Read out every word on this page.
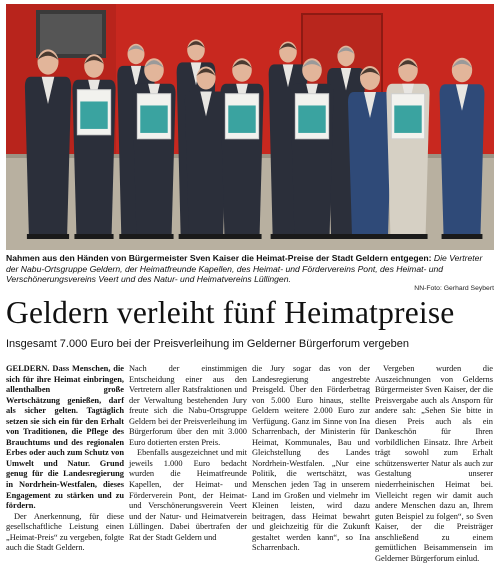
Nahmen aus den Händen von Bürgermeister Sven Kaiser die Heimat-Preise der Stadt Geldern entgegen: Die Vertreter der Nabu-Ortsgruppe Geldern, der Heimatfreunde Kapellen, des Heimat- und Fördervereins Pont, des Heimat- und Verschönerungsvereins Veert und des Natur- und Heimatvereins Lüllingen.
NN-Foto: Gerhard Seybert
Geldern verleiht fünf Heimatpreise
Insgesamt 7.000 Euro bei der Preisverleihung im Gelderner Bürgerforum vergeben

GELDERN. Dass Menschen, die sich für ihre Heimat einbringen, allenthalben große Wertschätzung genießen, darf als sicher gelten. Tagtäglich setzen sie sich ein für den Erhalt von Traditionen, die Pflege des Brauchtums und des regionalen Erbes oder auch zum Schutz von Umwelt und Natur. Grund genug für die Landesregierung in Nordrhein-Westfalen, dieses Engagement zu stärken und zu fördern.

Der Anerkennung, für diese gesellschaftliche Leistung einen „Heimat-Preis“ zu vergeben, folgte auch die Stadt Geldern.

Nach der einstimmigen Entscheidung einer aus den Vertretern aller Ratsfraktionen und der Verwaltung bestehenden Jury freute sich die Nabu-Ortsgruppe Geldern bei der Preisverleihung im Bürgerforum über den mit 3.000 Euro dotierten ersten Preis.

Ebenfalls ausgezeichnet und mit jeweils 1.000 Euro bedacht wurden die Heimatfreunde Kapellen, der Heimat- und Förderverein Pont, der Heimat- und Verschönerungsverein Veert und der Natur- und Heimatverein Lüllingen. Dabei übertrafen der Rat der Stadt Geldern und

die Jury sogar das von der Landesregierung angestrebte Preisgeld. Über den Förderbetrag von 5.000 Euro hinaus, stellte Geldern weitere 2.000 Euro zur Verfügung. Ganz im Sinne von Ina Scharrenbach, der Ministerin für Heimat, Kommunales, Bau und Gleichstellung des Landes Nordrhein-Westfalen. „Nur eine Politik, die wertschätzt, was Menschen jeden Tag in unserem Land im Großen und vielmehr im Kleinen leisten, wird dazu beitragen, dass Heimat bewahrt und gleichzeitig für die Zukunft gestaltet werden kann“, so Ina Scharrenbach.

Vergeben wurden die Auszeichnungen von Gelderns Bürgermeister Sven Kaiser, der die Preisvergabe auch als Ansporn für andere sah: „Sehen Sie bitte in diesen Preis auch als ein Dankeschön für Ihren vorbildlichen Einsatz. Ihre Arbeit trägt sowohl zum Erhalt schützenswerter Natur als auch zur Gestaltung unserer niederrheinischen Heimat bei. Vielleicht regen wir damit auch andere Menschen dazu an, Ihrem guten Beispiel zu folgen“, so Sven Kaiser, der die Preisträger anschließend zu einem gemütlichen Beisammensein im Gelderner Bürgerforum einlud.
